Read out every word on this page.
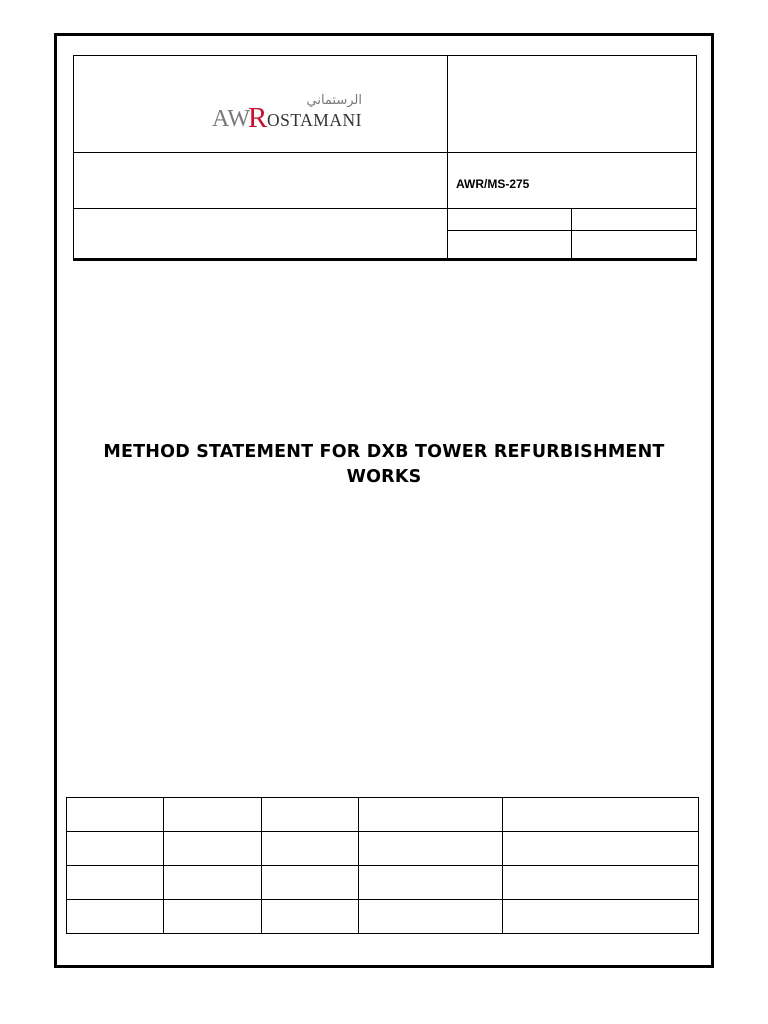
الرستماني
AW
R OSTAMANI		

	AWR/MS-275	

METHOD STATEMENT FOR DXB TOWER REFURBISHMENT
WORKS
